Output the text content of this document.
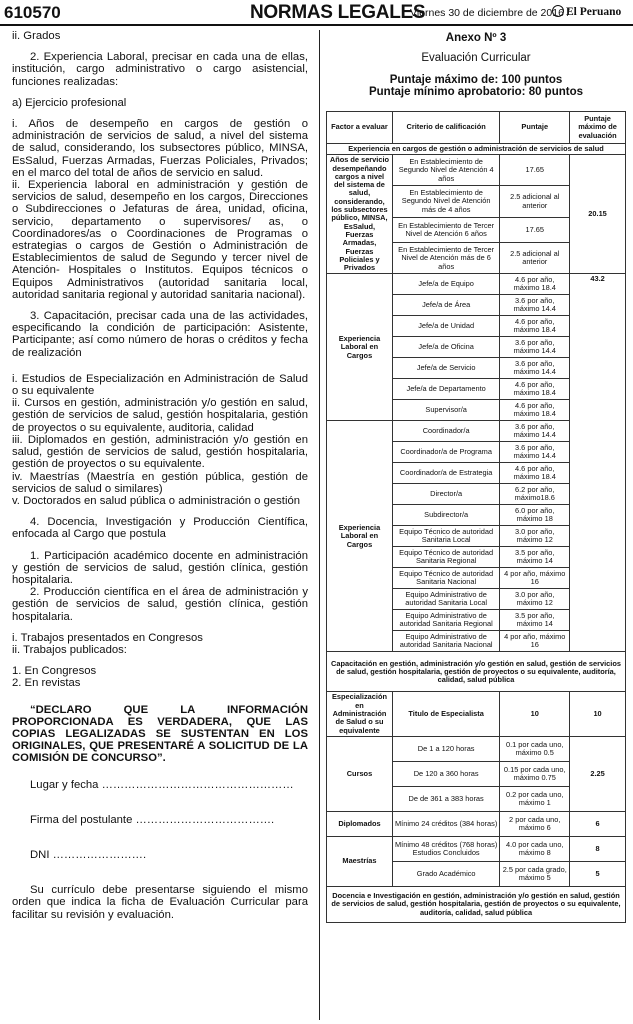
610570	NORMAS LEGALES
Viernes 30 de diciembre de 2016 /
El Peruano

ii. Grados

2. Experiencia Laboral, precisar en cada una de ellas, institución, cargo administrativo o cargo asistencial, funciones realizadas:

a) Ejercicio profesional

i. Años de desempeño en cargos de gestión o administración de servicios de salud, a nivel del sistema de salud, considerando, los subsectores público, MINSA, EsSalud, Fuerzas Armadas, Fuerzas Policiales, Privados; en el marco del total de años de servicio en salud.

ii. Experiencia laboral en administración y gestión de servicios de salud, desempeño en los cargos, Direcciones o Subdirecciones o Jefaturas de área, unidad, oficina, servicio, departamento o supervisores/ as, o Coordinadores/as o Coordinaciones de Programas o estrategias o cargos de Gestión o Administración de Establecimientos de salud de Segundo y tercer nivel de Atención- Hospitales o Institutos. Equipos técnicos o Equipos Administrativos (autoridad sanitaria local, autoridad sanitaria regional y autoridad sanitaria nacional).

3. Capacitación, precisar cada una de las actividades, especificando la condición de participación: Asistente, Participante; así como número de horas o créditos y fecha de realización

i. Estudios de Especialización en Administración de Salud o su equivalente

ii. Cursos en gestión, administración y/o gestión en salud, gestión de servicios de salud, gestión hospitalaria, gestión de proyectos o su equivalente, auditoria, calidad

iii. Diplomados en gestión, administración y/o gestión en salud, gestión de servicios de salud, gestión hospitalaria, gestión de proyectos o su equivalente.

iv. Maestrías (Maestría en gestión pública, gestión de servicios de salud o similares)

v. Doctorados en salud pública o administración o gestión

4. Docencia, Investigación y Producción Científica, enfocada al Cargo que postula

1. Participación académico docente en administración y gestión de servicios de salud, gestión clínica, gestión hospitalaria.

2. Producción científica en el área de administración y gestión de servicios de salud, gestión clínica, gestión hospitalaria.

i. Trabajos presentados en Congresos

ii. Trabajos publicados:

1. En Congresos

2. En revistas

“DECLARO QUE LA INFORMACIÓN PROPORCIONADA ES VERDADERA, QUE LAS COPIAS LEGALIZADAS SE SUSTENTAN EN LOS ORIGINALES, QUE PRESENTARÉ A SOLICITUD DE LA COMISIÓN DE CONCURSO”.

Lugar y fecha ……………………………………………

Firma del postulante ……………………………….

DNI …………………….

Su currículo debe presentarse siguiendo el mismo orden que indica la ficha de Evaluación Curricular para facilitar su revisión y evaluación.

Anexo Nº 3
Evaluación Curricular
Puntaje máximo de: 100 puntos
Puntaje mínimo aprobatorio: 80 puntos
Factor a evaluar	Criterio de calificación	Puntaje	Puntaje máximo de evaluación
Experiencia en cargos de gestión o administración de servicios de salud			
Años de servicio desempeñando cargos a nivel del sistema de salud, considerando, los subsectores público, MINSA, EsSalud, Fuerzas Armadas, Fuerzas Policiales y Privados	En Establecimiento de Segundo Nivel de Atención 4 años	17.65	20.15
	En Establecimiento de Segundo Nivel de Atención más de 4 años	2.5 adicional al anterior	
	En Establecimiento de Tercer Nivel de Atención 6 años	17.65	
	En Establecimiento de Tercer Nivel de Atención más de 6 años	2.5 adicional al anterior	
Experiencia Laboral en Cargos	Jefe/a de Equipo	4.6 por año, máximo 18.4	43.2
	Jefe/a de Área	3.6 por año, máximo 14.4	
	Jefe/a de Unidad	4.6 por año, máximo 18.4	
	Jefe/a de Oficina	3.6 por año, máximo 14.4	
	Jefe/a de Servicio	3.6 por año, máximo 14.4	
	Jefe/a de Departamento	4.6 por año, máximo 18.4	
	Supervisor/a	4.6 por año, máximo 18.4	
Experiencia Laboral en Cargos	Coordinador/a	3.6 por año, máximo 14.4	
	Coordinador/a de Programa	3.6 por año, máximo 14.4	
	Coordinador/a de Estrategia	4.6 por año, máximo 18.4	
	Director/a	6.2 por año, máximo18.6	
	Subdirector/a	6.0 por año, máximo 18	
	Equipo Técnico de autoridad Sanitaria Local	3.0 por año, máximo 12	
	Equipo Técnico de autoridad Sanitaria Regional	3.5 por año, máximo 14	
	Equipo Técnico de autoridad Sanitaria Nacional	4 por año, máximo 16	
	Equipo Administrativo de autoridad Sanitaria Local	3.0 por año, máximo 12	
	Equipo Administrativo de autoridad Sanitaria Regional	3.5 por año, máximo 14	
	Equipo Administrativo de autoridad Sanitaria Nacional	4 por año, máximo 16	
Capacitación en gestión, administración y/o gestión en salud, gestión de servicios de salud, gestión hospitalaria, gestión de proyectos o su equivalente, auditoría, calidad, salud pública			
Especialización en Administración de Salud o su equivalente	Titulo de Especialista	10	10
Cursos	De 1 a 120 horas	0.1 por cada uno, máximo 0.5	2.25
	De 120 a 360 horas	0.15 por cada uno, máximo 0.75	
	De de 361 a 383 horas	0.2 por cada uno, máximo 1	
Diplomados	Mínimo 24 créditos (384 horas)	2 por cada uno, máximo 6	6
Maestrías	Mínimo 48 créditos (768 horas) Estudios Concluidos	4.0 por cada uno, máximo 8	8
	Grado Académico	2.5 por cada grado, máximo 5	5
Docencia e Investigación en gestión, administración y/o gestión en salud, gestión de servicios de salud, gestión hospitalaria, gestión de proyectos o su equivalente, auditoría, calidad, salud pública			
